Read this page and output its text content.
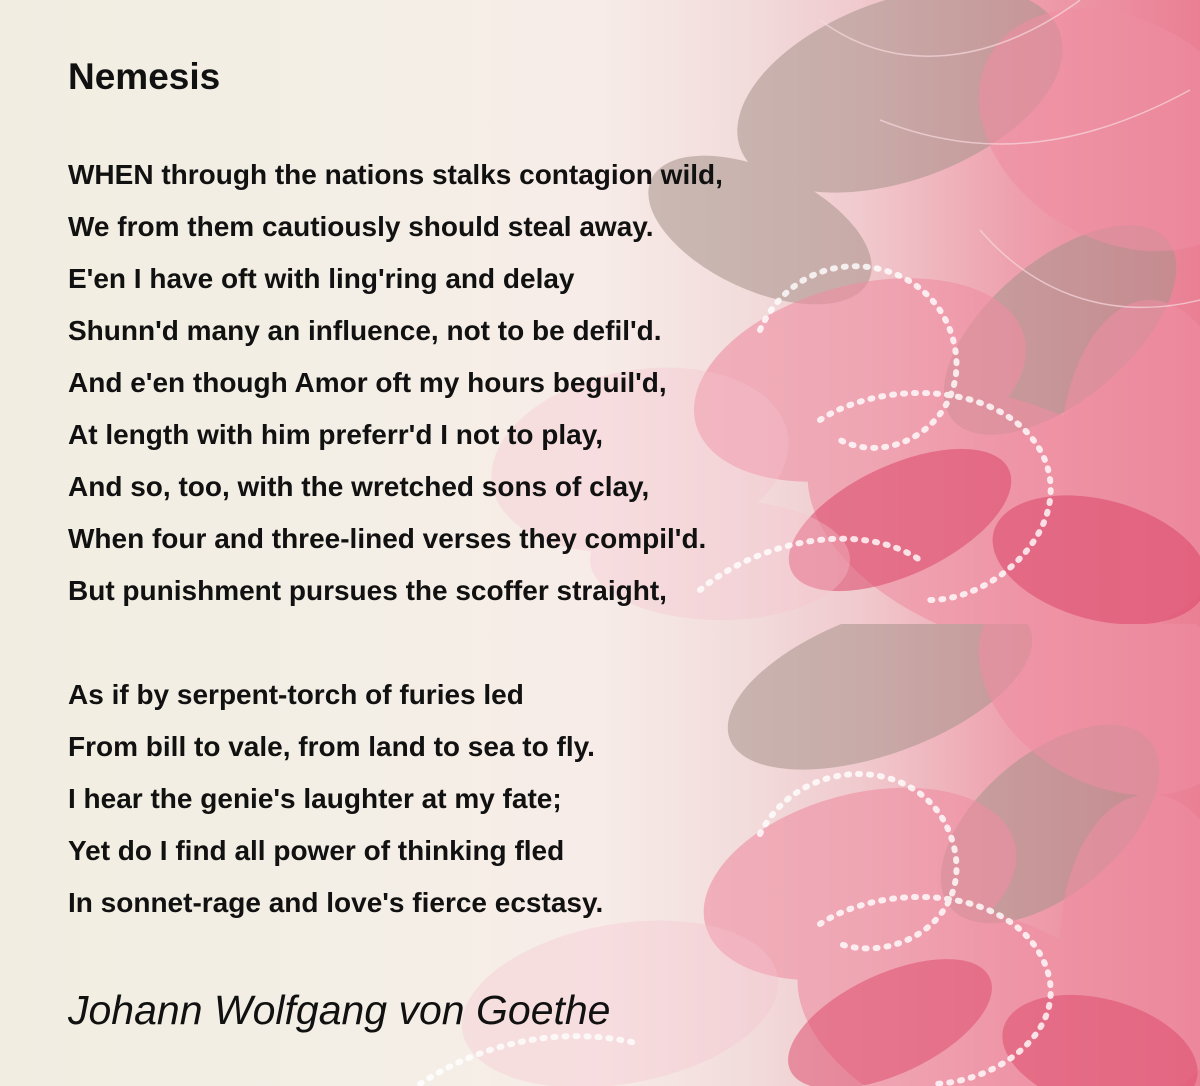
Nemesis
WHEN through the nations stalks contagion wild,
We from them cautiously should steal away.
E'en I have oft with ling'ring and delay
Shunn'd many an influence, not to be defil'd.
And e'en though Amor oft my hours beguil'd,
At length with him preferr'd I not to play,
And so, too, with the wretched sons of clay,
When four and three-lined verses they compil'd.
But punishment pursues the scoffer straight,
As if by serpent-torch of furies led
From bill to vale, from land to sea to fly.
I hear the genie's laughter at my fate;
Yet do I find all power of thinking fled
In sonnet-rage and love's fierce ecstasy.

Johann Wolfgang von Goethe
